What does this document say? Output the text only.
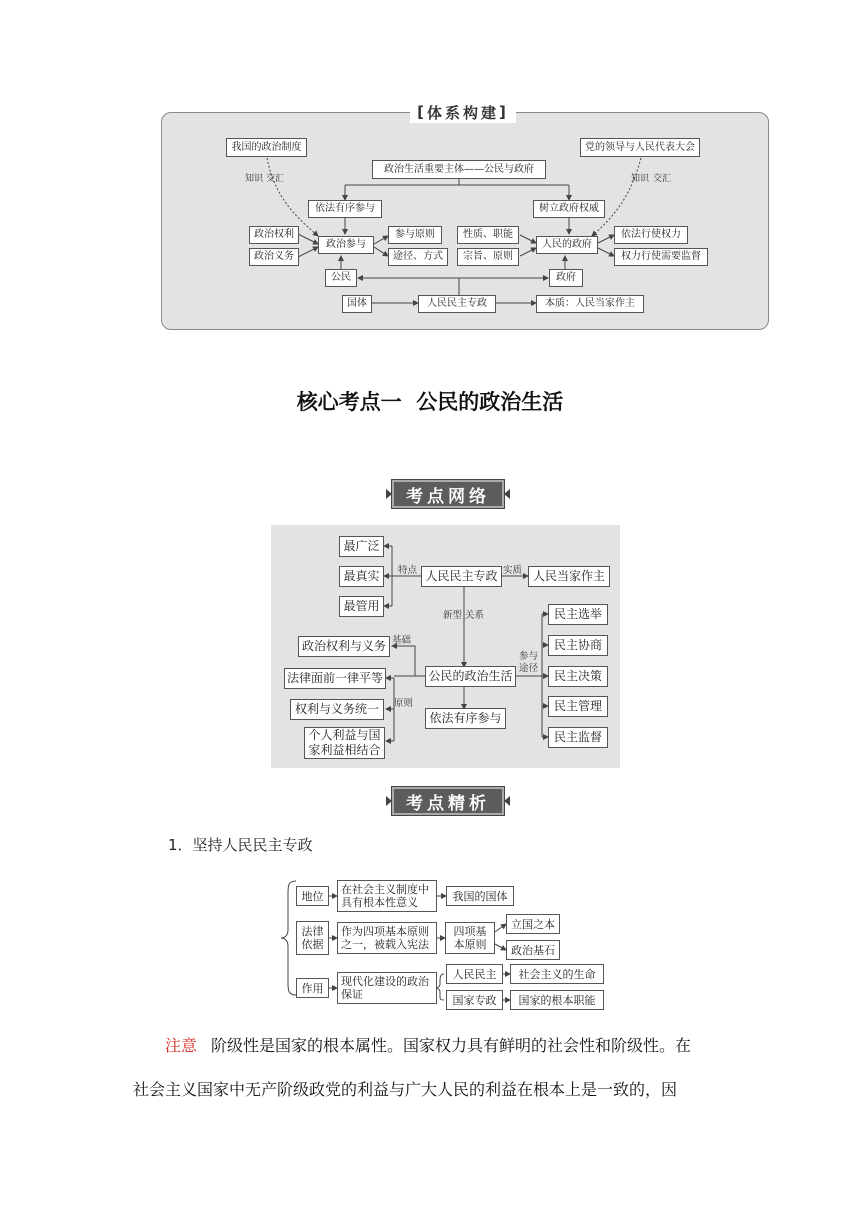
[ 体系构建 ]
我国的政治制度	党的领导与人民代表大会
知识 交汇	知识 交汇
政治生活重要主体——公民与政府
依法有序参与	树立政府权威
政治权利
政治义务
政治参与
参与原则
途径、方式
性质、职能
宗旨、原则
人民的政府
依法行使权力
权力行使需要监督
公民	政府
国体	人民民主专政	本质：人民当家作主
核心考点一  公民的政治生活
考点网络
最广泛
最真实
最管用
特点 人民民主专政 实质 人民当家作主
新型 关系
基础
政治权利与义务
法律面前一律平等
原则
权利与义务统一
个人利益与国
家利益相结合
参与
途径
公民的政治生活
依法有序参与
民主选举
民主协商
民主决策
民主管理
民主监督
考点精析
1．坚持人民民主专政
地位
法律
依据
作用
在社会主义制度中
具有根本性意义	我国的国体
作为四项基本原则
之一，被载入宪法
四项基
本原则
立国之本
政治基石
现代化建设的政治
保证
人民民主	社会主义的生命
国家专政	国家的根本职能
注意 阶级性是国家的根本属性。国家权力具有鲜明的社会性和阶级性。在
社会主义国家中无产阶级政党的利益与广大人民的利益在根本上是一致的，因
